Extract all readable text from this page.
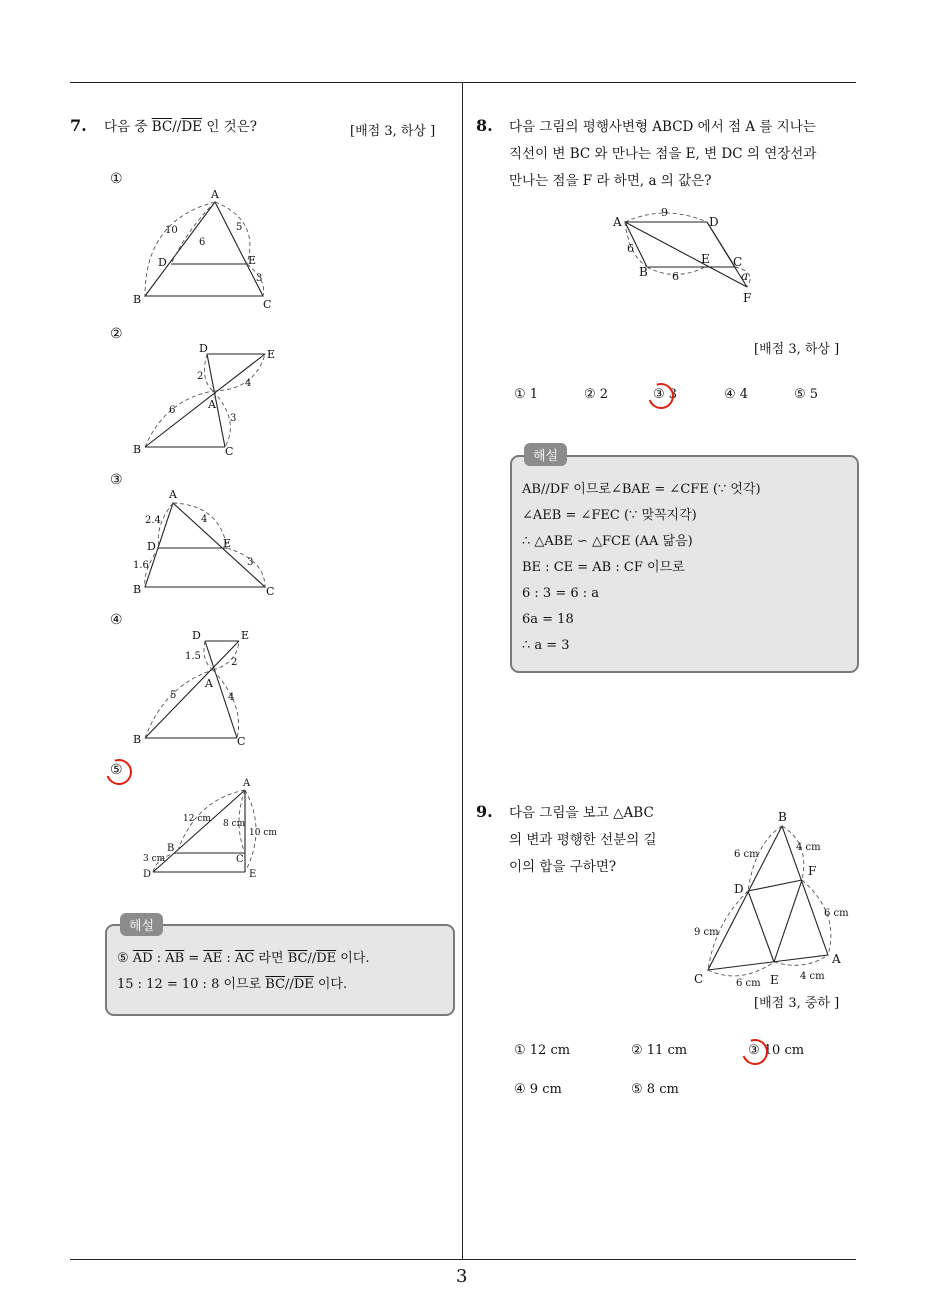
3
7. 다음 중 $\overline{BC}//\overline{DE}$ 인 것은?	[배점 3, 하상 ]
①
②
③
④
⑤
A
B	C
D	E
10
6
5
3
D	E
A
B	C
2
4
6
3
A
B	C
D	E
2.4
1.6
4
3
D	E
A
B	C
1.5
2
5	4
A
B
C
D	E
12 cm 8 cm
10 cm
3 cm
⑤ $\overline{AD}$ : $\overline{AB} = \overline{AE}$ : $\overline{AC}$ 라면 $\overline{BC}//\overline{DE}$ 이다.
15 : 12 = 10 : 8 이므로 $\overline{BC}//\overline{DE}$ 이다.
해설
8. 다음 그림의 평행사변형 ABCD 에서 점 A 를 지나는
직선이 변 BC 와 만나는 점을 E, 변 DC 의 연장선과
만나는 점을 F 라 하면, a 의 값은?
A	D
B
C
E
F
a
9
6
6
[배점 3, 하상 ]
① 1	② 2	③ 3	④ 4	⑤ 5
AB//DF 이므로∠BAE = ∠CFE (∵ 엇각)
∠AEB = ∠FEC (∵ 맞꼭지각)
∴ △ABE ∽ △FCE (AA 닮음)
BE : CE = AB : CF 이므로
6 : 3 = 6 : a
6a = 18
∴ a = 3
해설
9. 다음 그림을 보고 △ABC
의 변과 평행한 선분의 길
이의 합을 구하면?
B
D
F
C	E
A
6 cm
4 cm
6 cm
9 cm
6 cm
4 cm
[배점 3, 중하 ]
① 12 cm	② 11 cm	③ 10 cm
④ 9 cm	⑤ 8 cm
